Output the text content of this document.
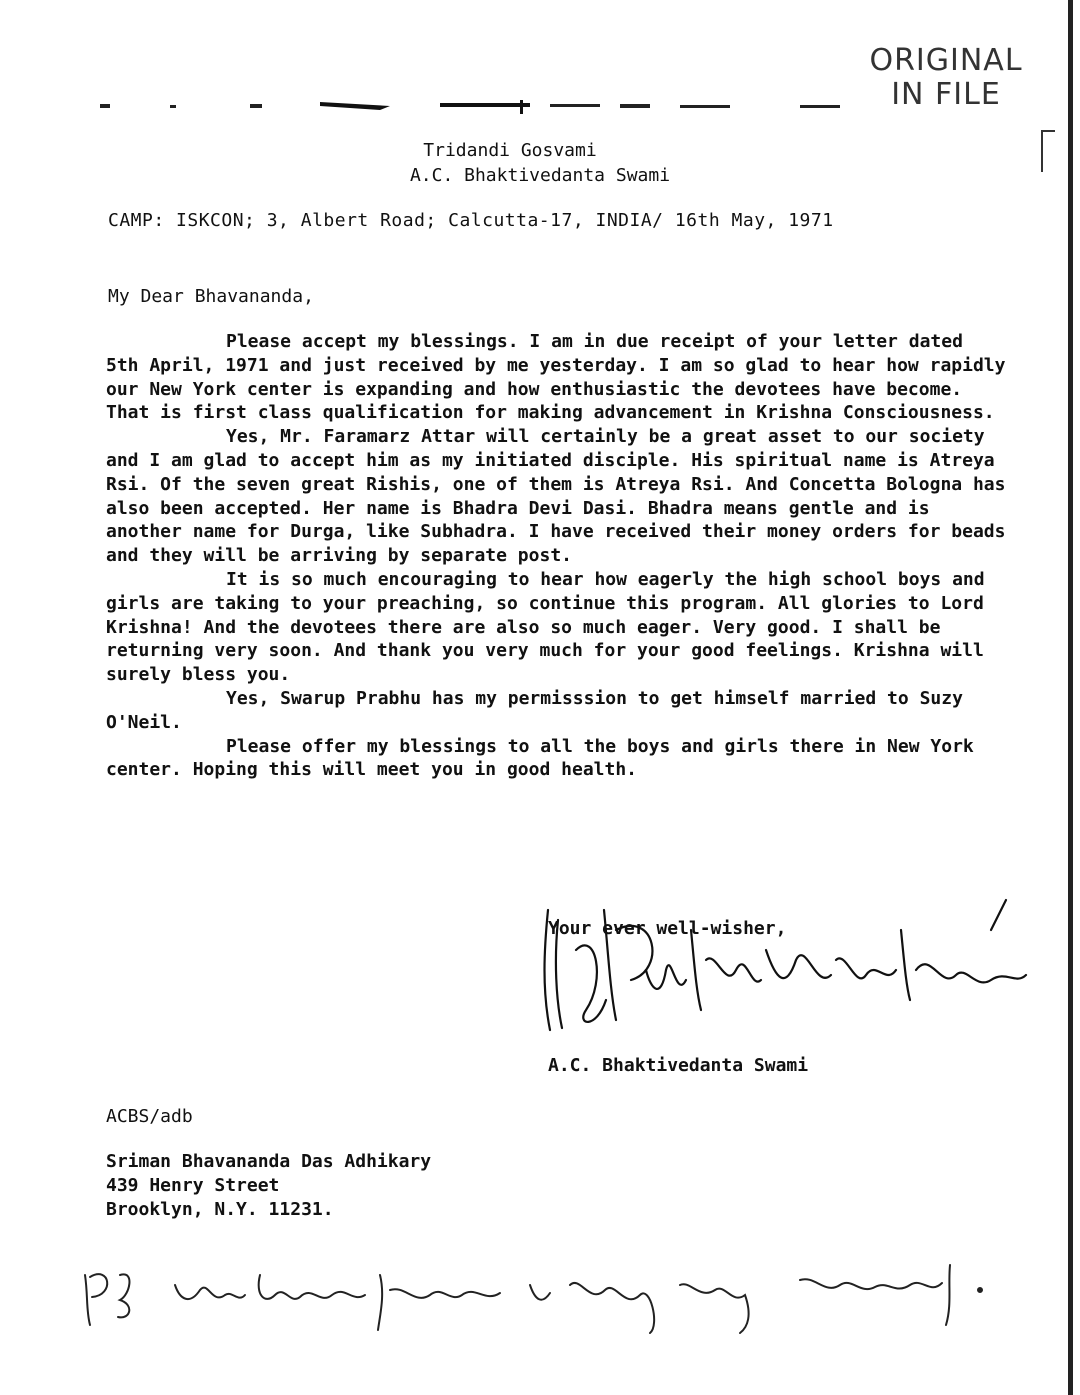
ORIGINAL
IN FILE
Tridandi Gosvami
A.C. Bhaktivedanta Swami
CAMP: ISKCON; 3, Albert Road; Calcutta-17, INDIA/ 16th May, 1971
My Dear Bhavananda,

Please accept my blessings. I am in due receipt of your letter dated 5th April, 1971 and just received by me yesterday. I am so glad to hear how rapidly our New York center is expanding and how enthusiastic the devotees have become. That is first class qualification for making advancement in Krishna Consciousness.

Yes, Mr. Faramarz Attar will certainly be a great asset to our society and I am glad to accept him as my initiated disciple. His spiritual name is Atreya Rsi. Of the seven great Rishis, one of them is Atreya Rsi. And Concetta Bologna has also been accepted. Her name is Bhadra Devi Dasi. Bhadra means gentle and is another name for Durga, like Subhadra. I have received their money orders for beads and they will be arriving by separate post.

It is so much encouraging to hear how eagerly the high school boys and girls are taking to your preaching, so continue this program. All glories to Lord Krishna! And the devotees there are also so much eager. Very good. I shall be returning very soon. And thank you very much for your good feelings. Krishna will surely bless you.

Yes, Swarup Prabhu has my permisssion to get himself married to Suzy O'Neil.

Please offer my blessings to all the boys and girls there in New York center. Hoping this will meet you in good health.

Your ever well-wisher,
A.C. Bhaktivedanta Swami
ACBS/adb
Sriman Bhavananda Das Adhikary
439 Henry Street
Brooklyn, N.Y. 11231.
